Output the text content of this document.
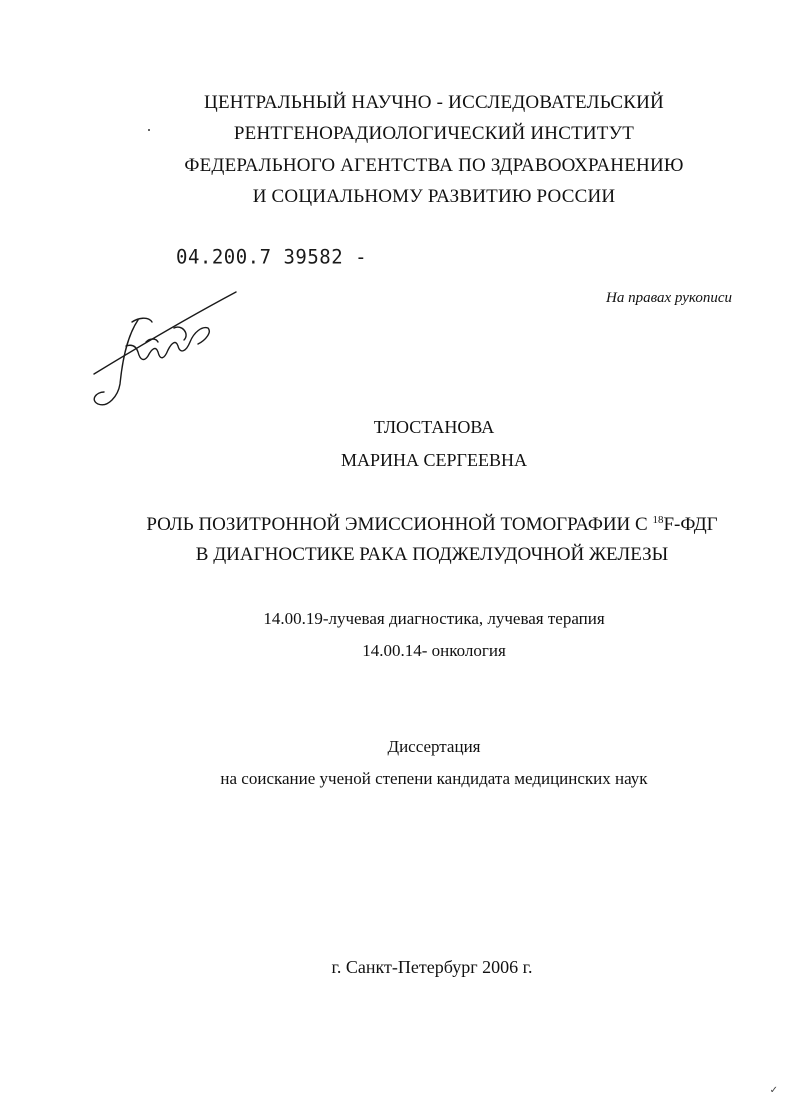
ЦЕНТРАЛЬНЫЙ НАУЧНО - ИССЛЕДОВАТЕЛЬСКИЙ
РЕНТГЕНОРАДИОЛОГИЧЕСКИЙ ИНСТИТУТ
ФЕДЕРАЛЬНОГО АГЕНТСТВА ПО ЗДРАВООХРАНЕНИЮ
И СОЦИАЛЬНОМУ РАЗВИТИЮ РОССИИ
04.200.7 39582 -
На правах рукописи
ТЛОСТАНОВА
МАРИНА СЕРГЕЕВНА
РОЛЬ ПОЗИТРОННОЙ ЭМИССИОННОЙ ТОМОГРАФИИ С $^{18}$F-ФДГ
В ДИАГНОСТИКЕ РАКА ПОДЖЕЛУДОЧНОЙ ЖЕЛЕЗЫ
14.00.19-лучевая диагностика, лучевая терапия
14.00.14- онкология
Диссертация
на соискание ученой степени кандидата медицинских наук
г. Санкт-Петербург 2006 г.
✓
